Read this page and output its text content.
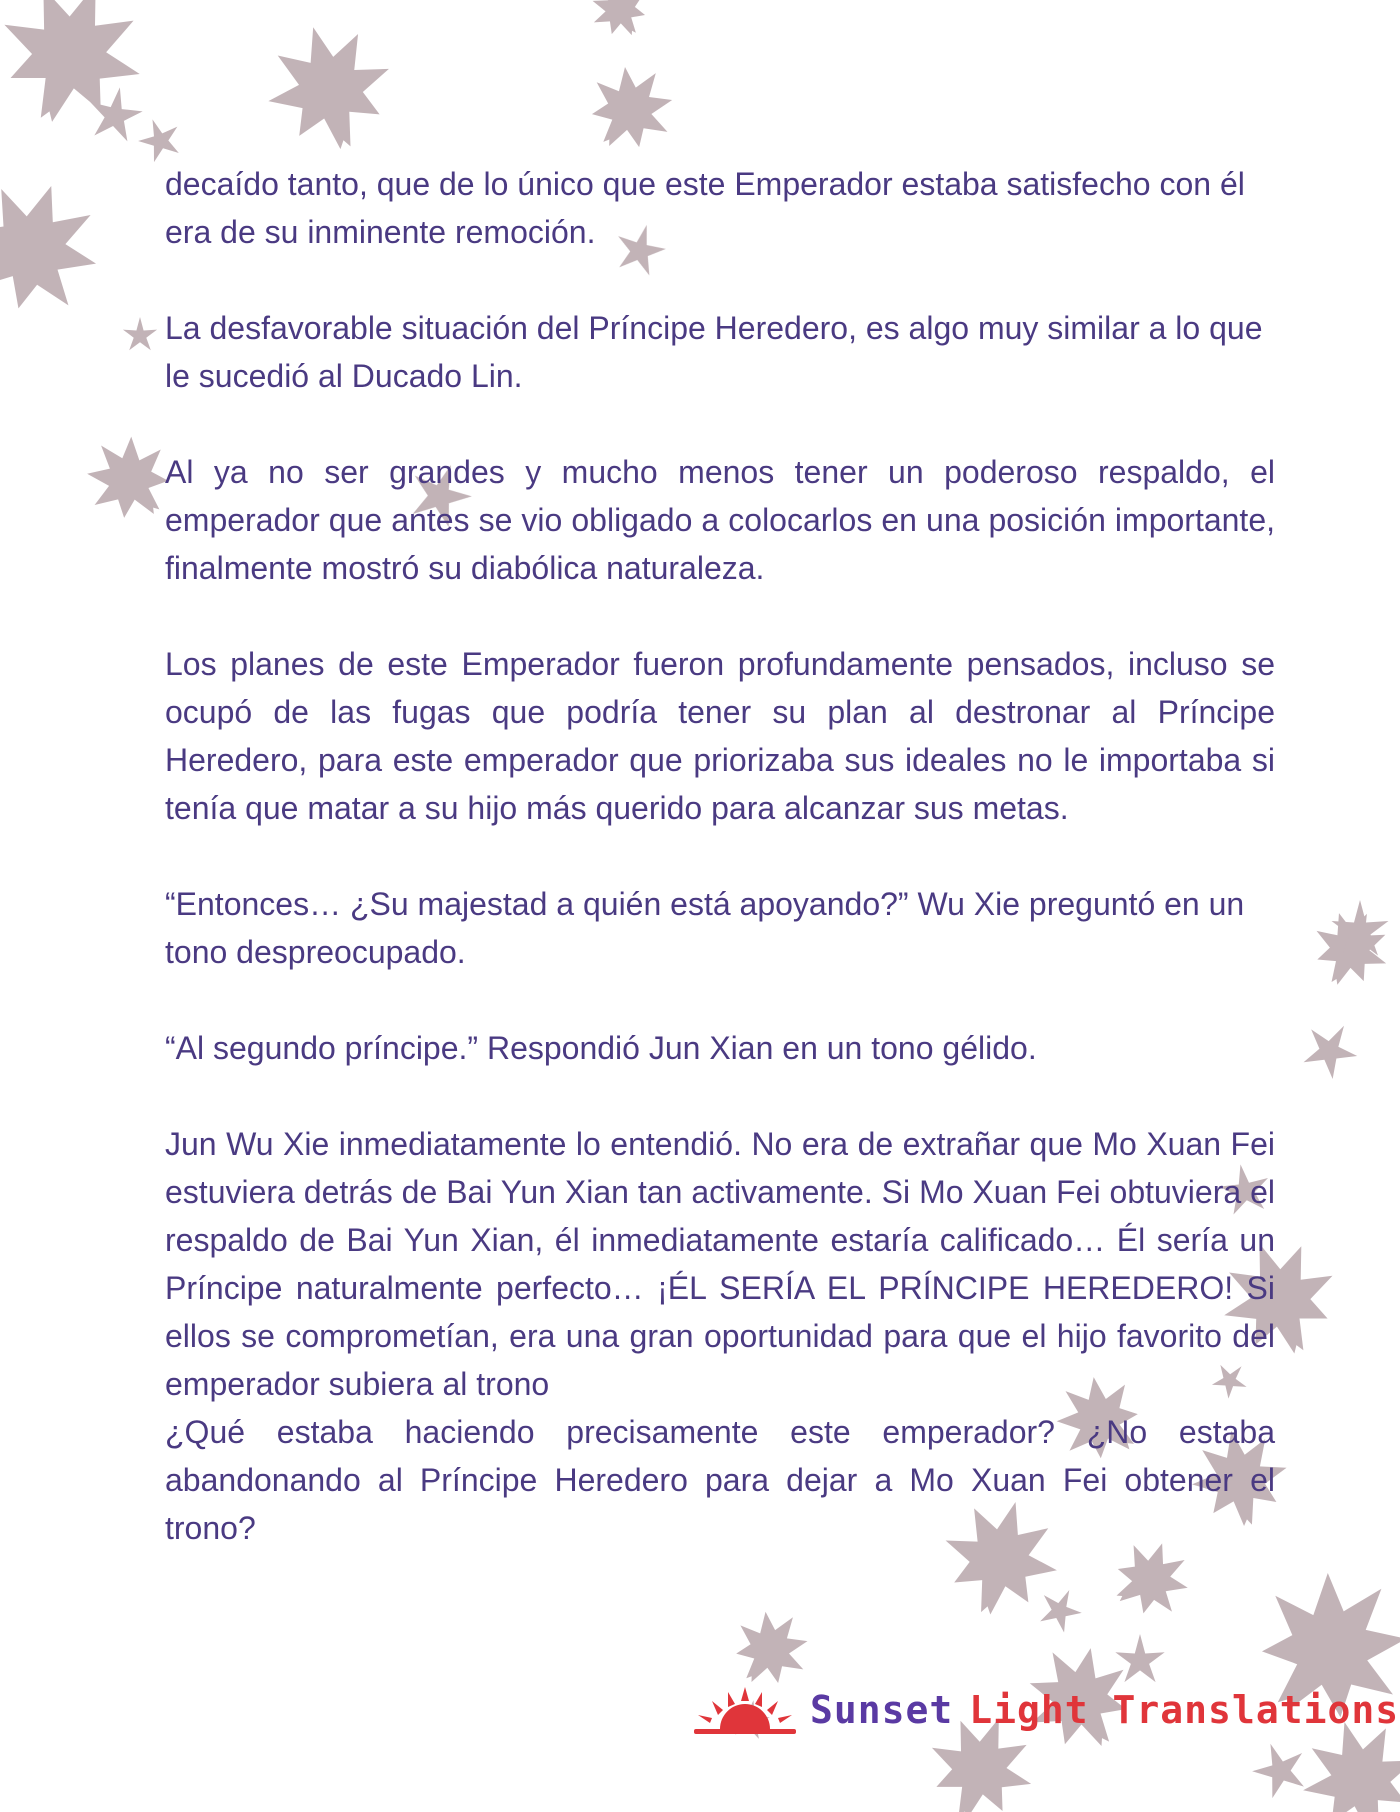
decaído tanto, que de lo único que este Emperador estaba satisfecho con él era de su inminente remoción.

La desfavorable situación del Príncipe Heredero, es algo muy similar a lo que le sucedió al Ducado Lin.

Al ya no ser grandes y mucho menos tener un poderoso respaldo, el emperador que antes se vio obligado a colocarlos en una posición importante, finalmente mostró su diabólica naturaleza.

Los planes de este Emperador fueron profundamente pensados, incluso se ocupó de las fugas que podría tener su plan al destronar al Príncipe Heredero, para este emperador que priorizaba sus ideales no le importaba si tenía que matar a su hijo más querido para alcanzar sus metas.

“Entonces… ¿Su majestad a quién está apoyando?” Wu Xie preguntó en un tono despreocupado.

“Al segundo príncipe.” Respondió Jun Xian en un tono gélido.

Jun Wu Xie inmediatamente lo entendió. No era de extrañar que Mo Xuan Fei estuviera detrás de Bai Yun Xian tan activamente. Si Mo Xuan Fei obtuviera el respaldo de Bai Yun Xian, él inmediatamente estaría calificado… Él sería un Príncipe naturalmente perfecto… ¡ÉL SERÍA EL PRÍNCIPE HEREDERO! Si ellos se comprometían, era una gran oportunidad para que el hijo favorito del emperador subiera al trono

¿Qué estaba haciendo precisamente este emperador? ¿No estaba abandonando al Príncipe Heredero para dejar a Mo Xuan Fei obtener el trono?

Sunset Light Translations
